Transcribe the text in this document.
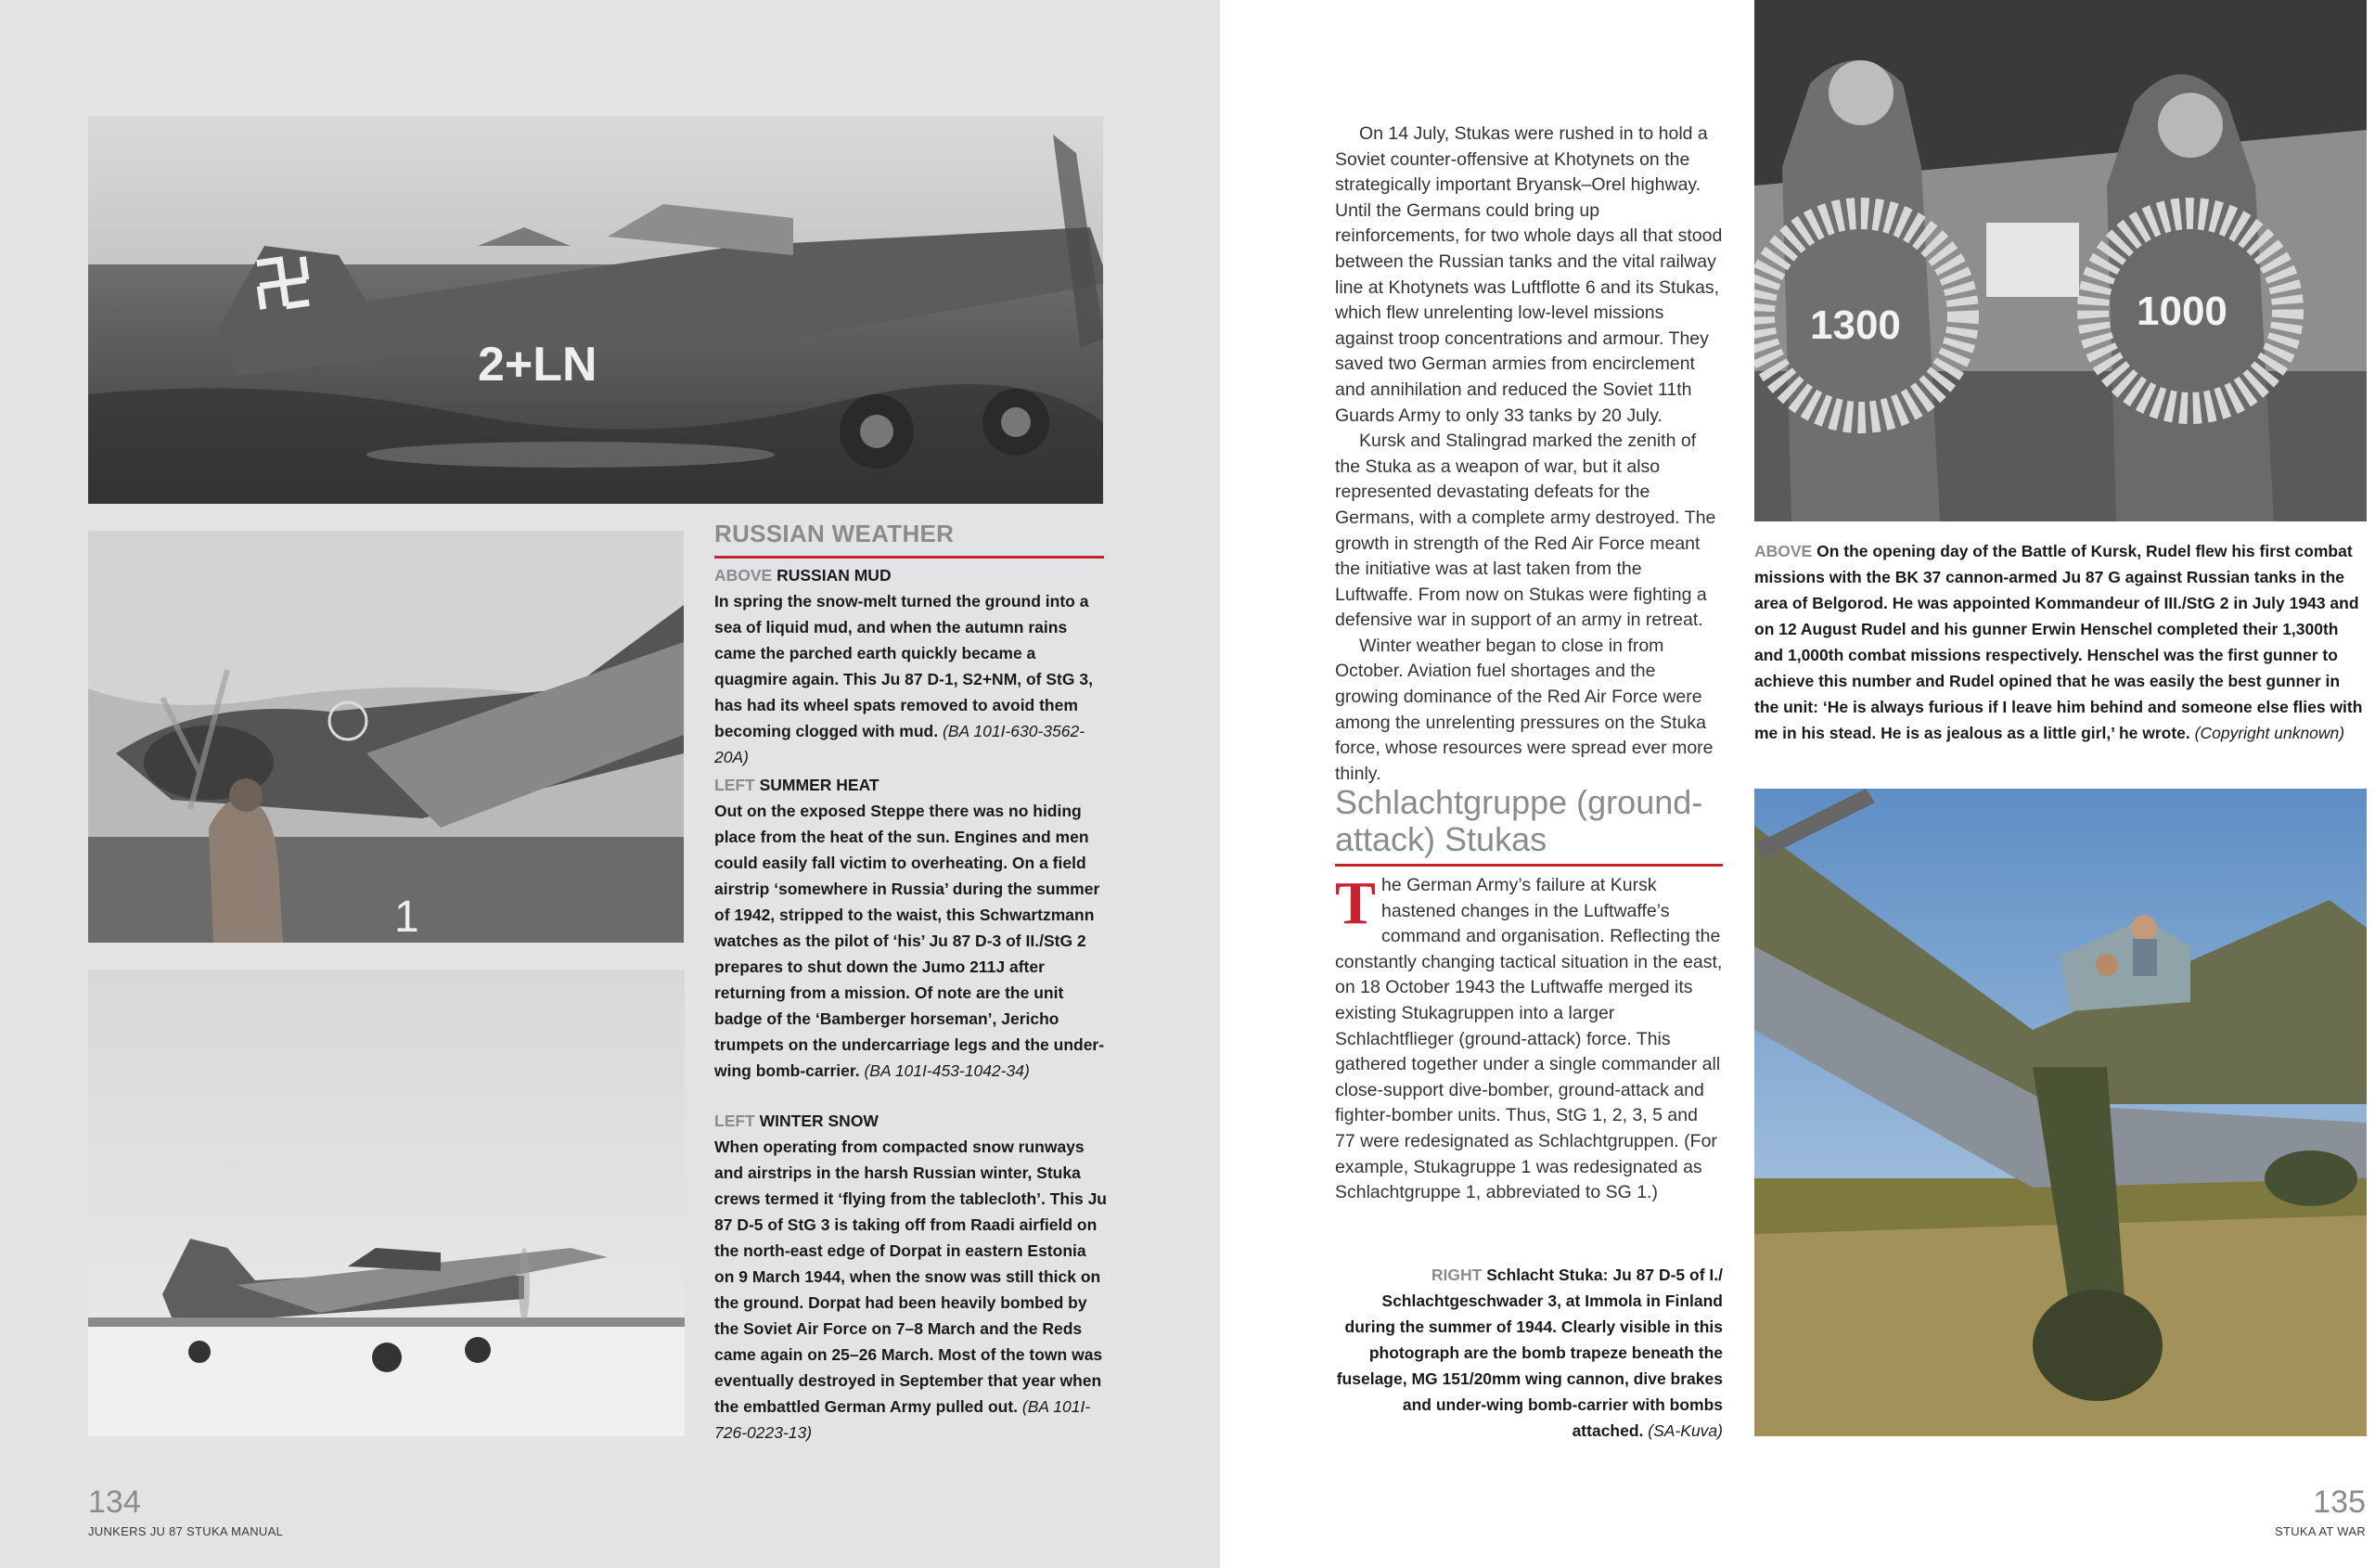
2+LN
1
RUSSIAN WEATHER
ABOVE RUSSIAN MUD
In spring the snow-melt turned the ground into a sea of liquid mud, and when the autumn rains came the parched earth quickly became a quagmire again. This Ju 87 D-1, S2+NM, of StG 3, has had its wheel spats removed to avoid them becoming clogged with mud. (BA 101I-630-3562-20A)
LEFT SUMMER HEAT
Out on the exposed Steppe there was no hiding place from the heat of the sun. Engines and men could easily fall victim to overheating. On a field airstrip ‘somewhere in Russia’ during the summer of 1942, stripped to the waist, this Schwartzmann watches as the pilot of ‘his’ Ju 87 D-3 of II./StG 2 prepares to shut down the Jumo 211J after returning from a mission. Of note are the unit badge of the ‘Bamberger horseman’, Jericho trumpets on the undercarriage legs and the under-wing bomb-carrier. (BA 101I-453-1042-34)
LEFT WINTER SNOW
When operating from compacted snow runways and airstrips in the harsh Russian winter, Stuka crews termed it ‘flying from the tablecloth’. This Ju 87 D-5 of StG 3 is taking off from Raadi airfield on the north-east edge of Dorpat in eastern Estonia on 9 March 1944, when the snow was still thick on the ground. Dorpat had been heavily bombed by the Soviet Air Force on 7–8 March and the Reds came again on 25–26 March. Most of the town was eventually destroyed in September that year when the embattled German Army pulled out. (BA 101I-726-0223-13)
134
JUNKERS JU 87 STUKA MANUAL

On 14 July, Stukas were rushed in to hold a Soviet counter-offensive at Khotynets on the strategically important Bryansk–Orel highway. Until the Germans could bring up reinforcements, for two whole days all that stood between the Russian tanks and the vital railway line at Khotynets was Luftflotte 6 and its Stukas, which flew unrelenting low-level missions against troop concentrations and armour. They saved two German armies from encirclement and annihilation and reduced the Soviet 11th Guards Army to only 33 tanks by 20 July.

Kursk and Stalingrad marked the zenith of the Stuka as a weapon of war, but it also represented devastating defeats for the Germans, with a complete army destroyed. The growth in strength of the Red Air Force meant the initiative was at last taken from the Luftwaffe. From now on Stukas were fighting a defensive war in support of an army in retreat.

Winter weather began to close in from October. Aviation fuel shortages and the growing dominance of the Red Air Force were among the unrelenting pressures on the Stuka force, whose resources were spread ever more thinly.

Schlachtgruppe (ground-attack) Stukas
The German Army’s failure at Kursk hastened changes in the Luftwaffe’s command and organisation. Reflecting the constantly changing tactical situation in the east, on 18 October 1943 the Luftwaffe merged its existing Stukagruppen into a larger Schlachtflieger (ground-attack) force. This gathered together under a single commander all close-support dive-bomber, ground-attack and fighter-bomber units. Thus, StG 1, 2, 3, 5 and 77 were redesignated as Schlachtgruppen. (For example, Stukagruppe 1 was redesignated as Schlachtgruppe 1, abbreviated to SG 1.)
1300	1000
ABOVE On the opening day of the Battle of Kursk, Rudel flew his first combat missions with the BK 37 cannon-armed Ju 87 G against Russian tanks in the area of Belgorod. He was appointed Kommandeur of III./StG 2 in July 1943 and on 12 August Rudel and his gunner Erwin Henschel completed their 1,300th and 1,000th combat missions respectively. Henschel was the first gunner to achieve this number and Rudel opined that he was easily the best gunner in the unit: ‘He is always furious if I leave him behind and someone else flies with me in his stead. He is as jealous as a little girl,’ he wrote. (Copyright unknown)
RIGHT Schlacht Stuka: Ju 87 D-5 of I./ Schlachtgeschwader 3, at Immola in Finland during the summer of 1944. Clearly visible in this photograph are the bomb trapeze beneath the fuselage, MG 151/20mm wing cannon, dive brakes and under-wing bomb-carrier with bombs attached. (SA-Kuva)
135
STUKA AT WAR
